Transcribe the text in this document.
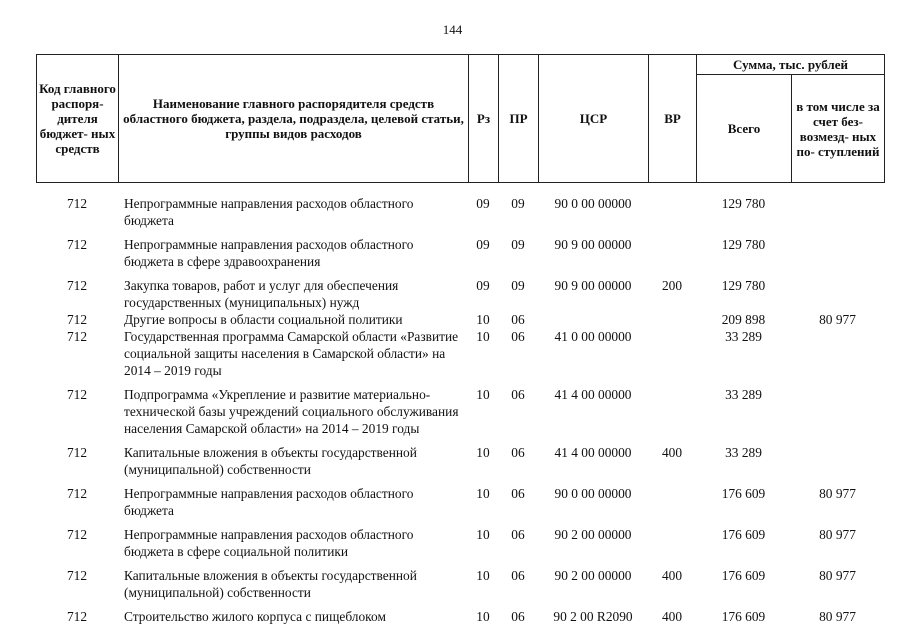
144
Код главного распоря- дителя бюджет- ных средств	Наименование главного распорядителя средств областного бюджета, раздела, подраздела, целевой статьи, группы видов расходов	Рз	ПР	ЦСР	ВР	Сумма, тыс. рублей	
						Всего	в том числе за счет без- возмезд- ных по- ступлений
712	Непрограммные направления расходов областного бюджета	09	09	90 0 00 00000		129 780	
712	Непрограммные направления расходов областного бюджета в сфере здравоохранения	09	09	90 9 00 00000		129 780	
712	Закупка товаров, работ и услуг для обеспечения государственных (муниципальных) нужд	09	09	90 9 00 00000	200	129 780	
712	Другие вопросы в области социальной политики	10	06			209 898	80 977
712	Государственная программа Самарской области «Развитие социальной защиты населения в Самарской области» на 2014 – 2019 годы	10	06	41 0 00 00000		33 289	
712	Подпрограмма «Укрепление и развитие материально-технической базы учреждений социального обслуживания населения Самарской области» на 2014 – 2019 годы	10	06	41 4 00 00000		33 289	
712	Капитальные вложения в объекты государственной (муниципальной) собственности	10	06	41 4 00 00000	400	33 289	
712	Непрограммные направления расходов областного бюджета	10	06	90 0 00 00000		176 609	80 977
712	Непрограммные направления расходов областного бюджета в сфере социальной политики	10	06	90 2 00 00000		176 609	80 977
712	Капитальные вложения в объекты государственной (муниципальной) собственности	10	06	90 2 00 00000	400	176 609	80 977
712	Строительство жилого корпуса с пищеблоком	10	06	90 2 00 R2090	400	176 609	80 977
